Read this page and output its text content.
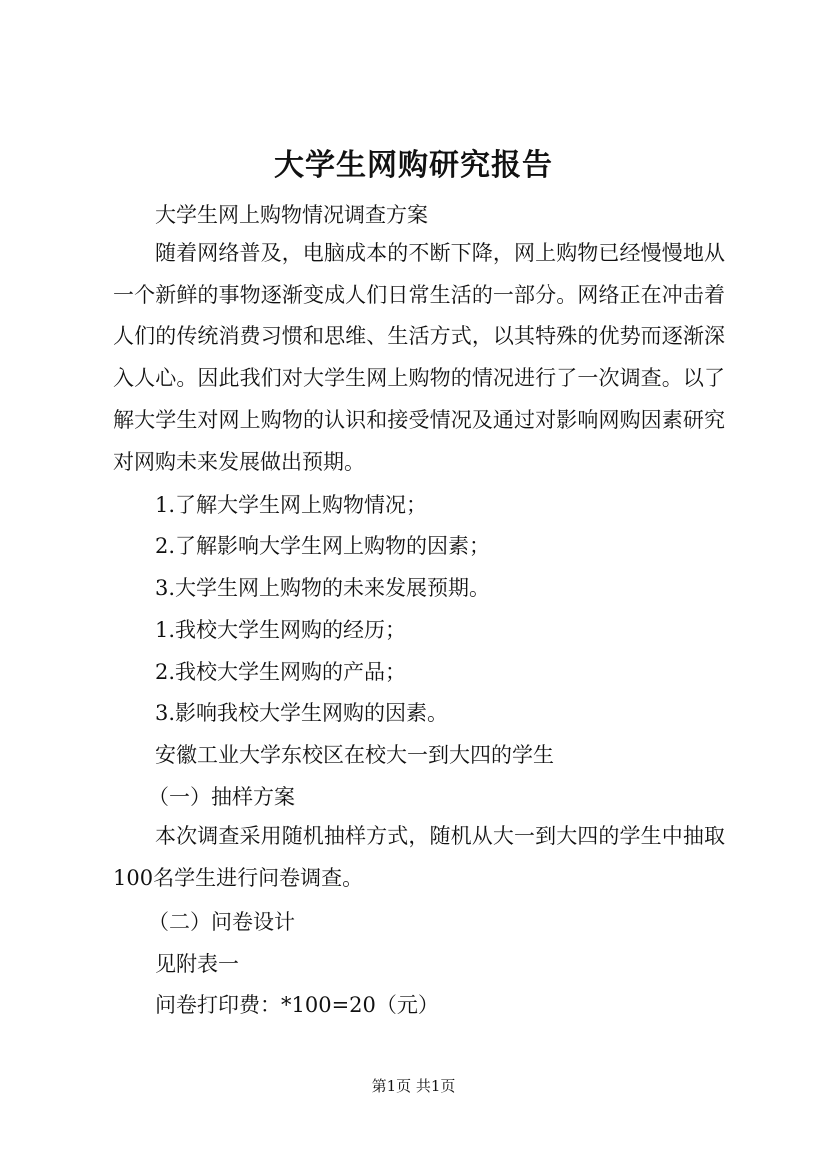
大学生网购研究报告
大学生网上购物情况调查方案
随着网络普及，电脑成本的不断下降，网上购物已经慢慢地从一个新鲜的事物逐渐变成人们日常生活的一部分。网络正在冲击着人们的传统消费习惯和思维、生活方式，以其特殊的优势而逐渐深入人心。因此我们对大学生网上购物的情况进行了一次调查。以了解大学生对网上购物的认识和接受情况及通过对影响网购因素研究对网购未来发展做出预期。
1.了解大学生网上购物情况；
2.了解影响大学生网上购物的因素；
3.大学生网上购物的未来发展预期。
1.我校大学生网购的经历；
2.我校大学生网购的产品；
3.影响我校大学生网购的因素。
安徽工业大学东校区在校大一到大四的学生
（一）抽样方案
本次调查采用随机抽样方式，随机从大一到大四的学生中抽取100名学生进行问卷调查。
（二）问卷设计
见附表一
问卷打印费：*100=20（元）
第1页 共1页
